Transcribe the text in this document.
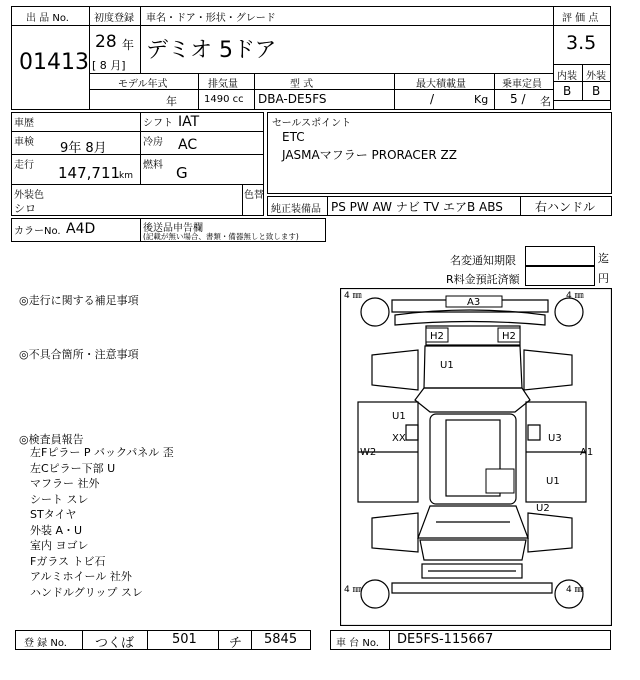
出 品 No.
01413
初度登録 車名・ドア・形状・グレード
28 年
[ 8 月]
デミオ 5ドア
評 価 点
3.5
内装 外装
B B
モデル年式	排気量	型 式	最大積載量	乗車定員
年	1490 cc DBA-DE5FS	/	Kg 5 / 名
車歴	シフト IAT
車検 9年 8月	冷房 AC
走行 147,711
km
燃料 G
外装色
シロ
色替
カラーNo. A4D	後送品申告欄
(記載が無い場合、書類・備器無しと致します)
セールスポイント
ETC
JASMAマフラー PRORACER ZZ
純正装備品 PS PW AW ナビ TV エアB ABS	右ハンドル
名変通知期限	迄
R料金預託済額	円
◎走行に関する補足事項
◎不具合箇所・注意事項
◎検査員報告
左Fピラー P バックパネル 歪
左Cピラー下部 U
マフラー 社外
シート スレ
STタイヤ
外装 A・U
室内 ヨゴレ
Fガラス トビ石
アルミホイール 社外
ハンドルグリップ スレ
4 ㎜	4 ㎜
4 ㎜	4 ㎜
A3
H2	H2
U1
U1
XX
W2
U3
A1
U1
U2
登 録 No. つくば	501 チ 5845	車 台 No. DE5FS-115667
